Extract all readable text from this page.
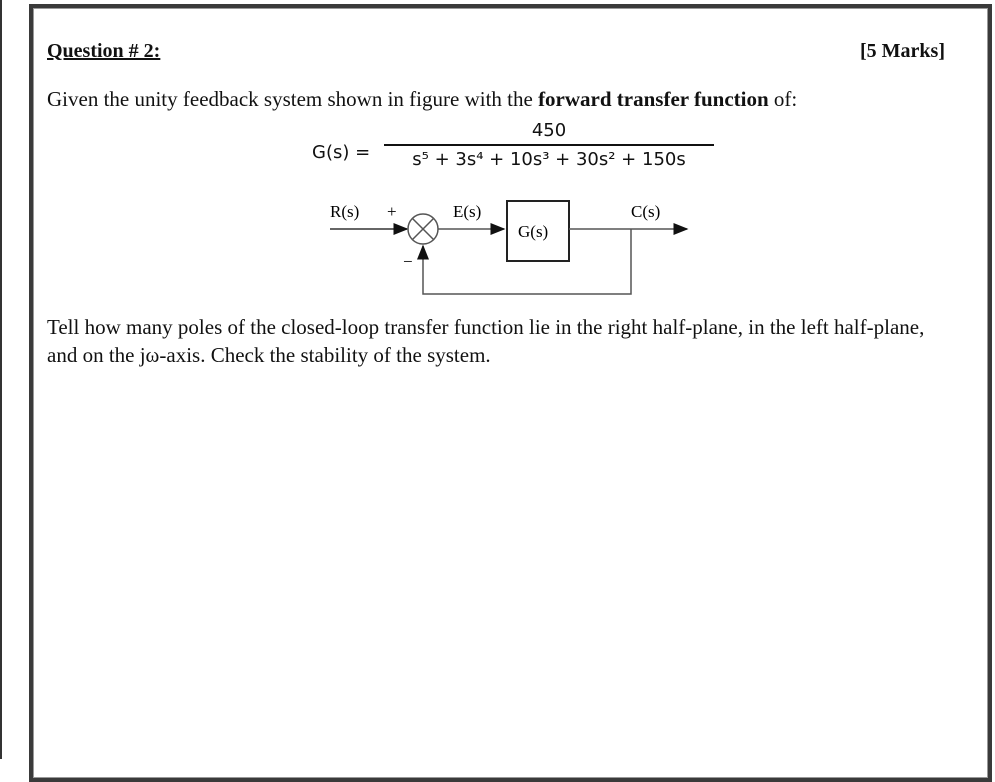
Question # 2:	[5 Marks]
Given the unity feedback system shown in figure with the forward transfer function of:
G(s) =
450
s⁵ + 3s⁴ + 10s³ + 30s² + 150s
R(s) +
−
E(s)
G(s)
C(s)
Tell how many poles of the closed-loop transfer function lie in the right half-plane, in the left half-plane, and on the jω-axis. Check the stability of the system.
